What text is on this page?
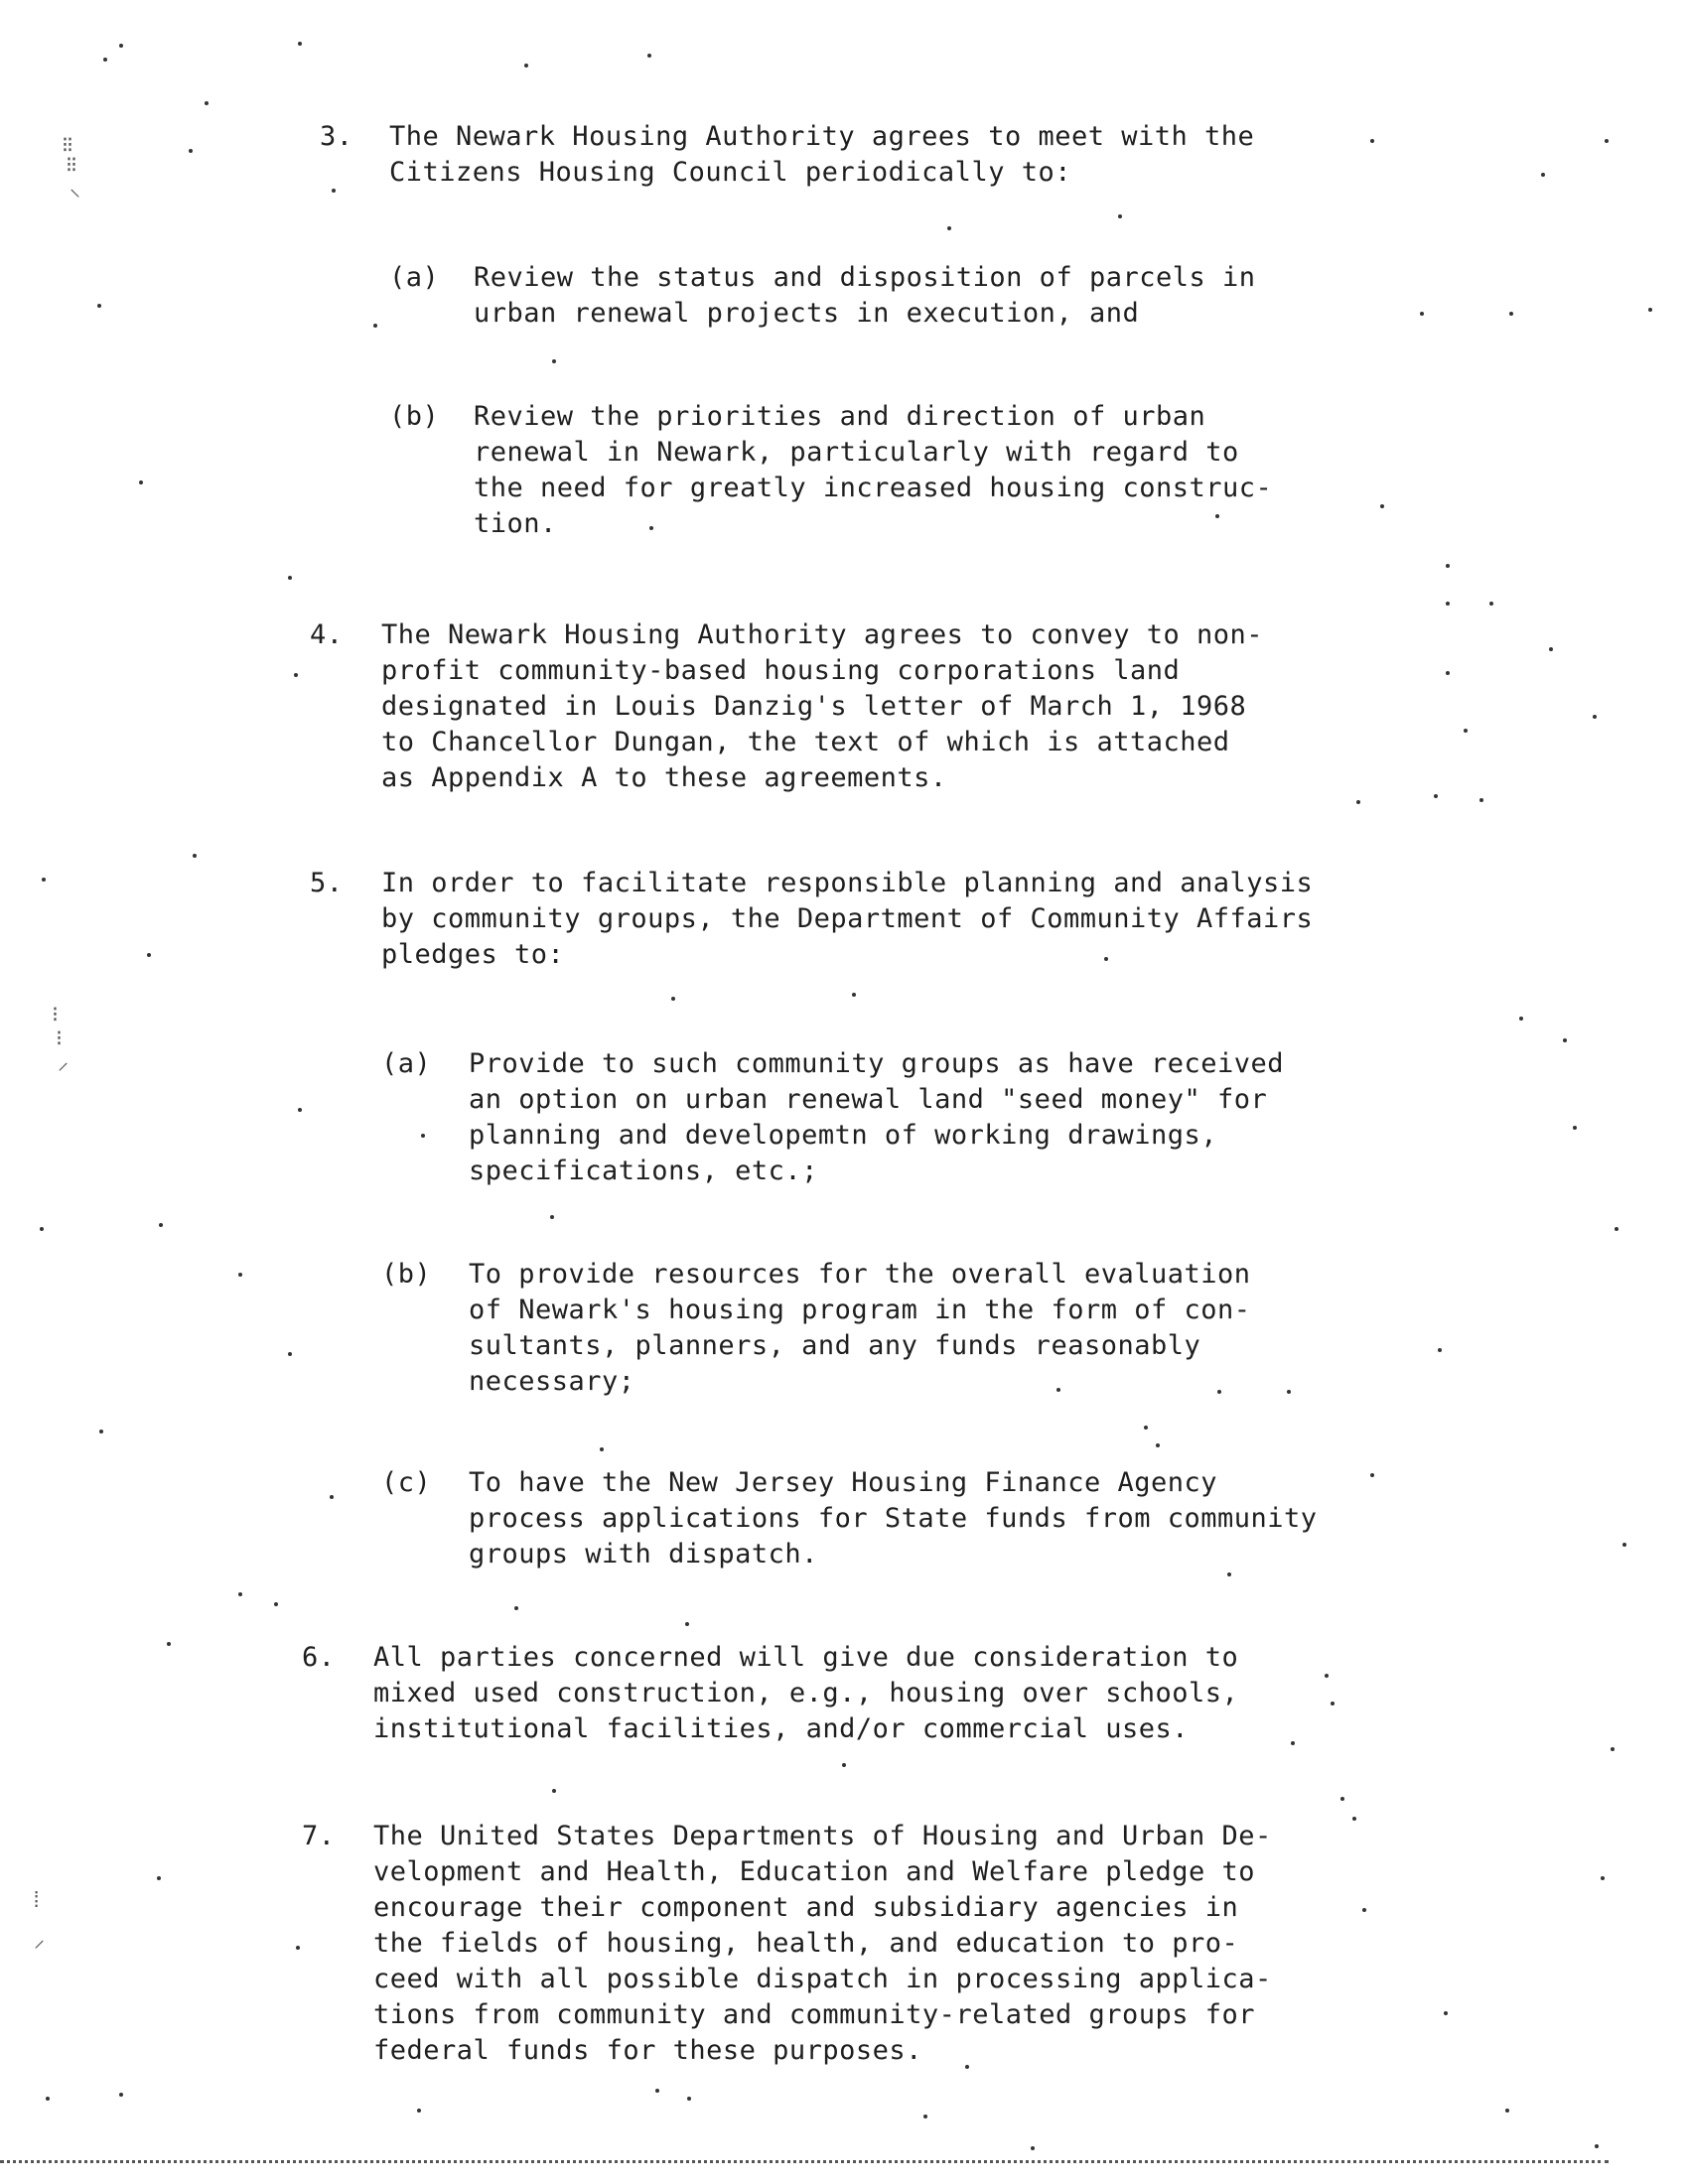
3. The Newark Housing Authority agrees to meet with the
Citizens Housing Council periodically to:
(a) Review the status and disposition of parcels in
urban renewal projects in execution, and
(b) Review the priorities and direction of urban
renewal in Newark, particularly with regard to
the need for greatly increased housing construc-
tion.
4. The Newark Housing Authority agrees to convey to non-
profit community-based housing corporations land
designated in Louis Danzig's letter of March 1, 1968
to Chancellor Dungan, the text of which is attached
as Appendix A to these agreements.
5. In order to facilitate responsible planning and analysis
by community groups, the Department of Community Affairs
pledges to:
(a) Provide to such community groups as have received
an option on urban renewal land "seed money" for
planning and developemtn of working drawings,
specifications, etc.;
(b) To provide resources for the overall evaluation
of Newark's housing program in the form of con-
sultants, planners, and any funds reasonably
necessary;
(c) To have the New Jersey Housing Finance Agency
process applications for State funds from community
groups with dispatch.
6. All parties concerned will give due consideration to
mixed used construction, e.g., housing over schools,
institutional facilities, and/or commercial uses.
7. The United States Departments of Housing and Urban De-
velopment and Health, Education and Welfare pledge to
encourage their component and subsidiary agencies in
the fields of housing, health, and education to pro-
ceed with all possible dispatch in processing applica-
tions from community and community-related groups for
federal funds for these purposes.
⁝⁝
⁝⁝
⸜
⁝
⁝
⸝
⁞
⸝
